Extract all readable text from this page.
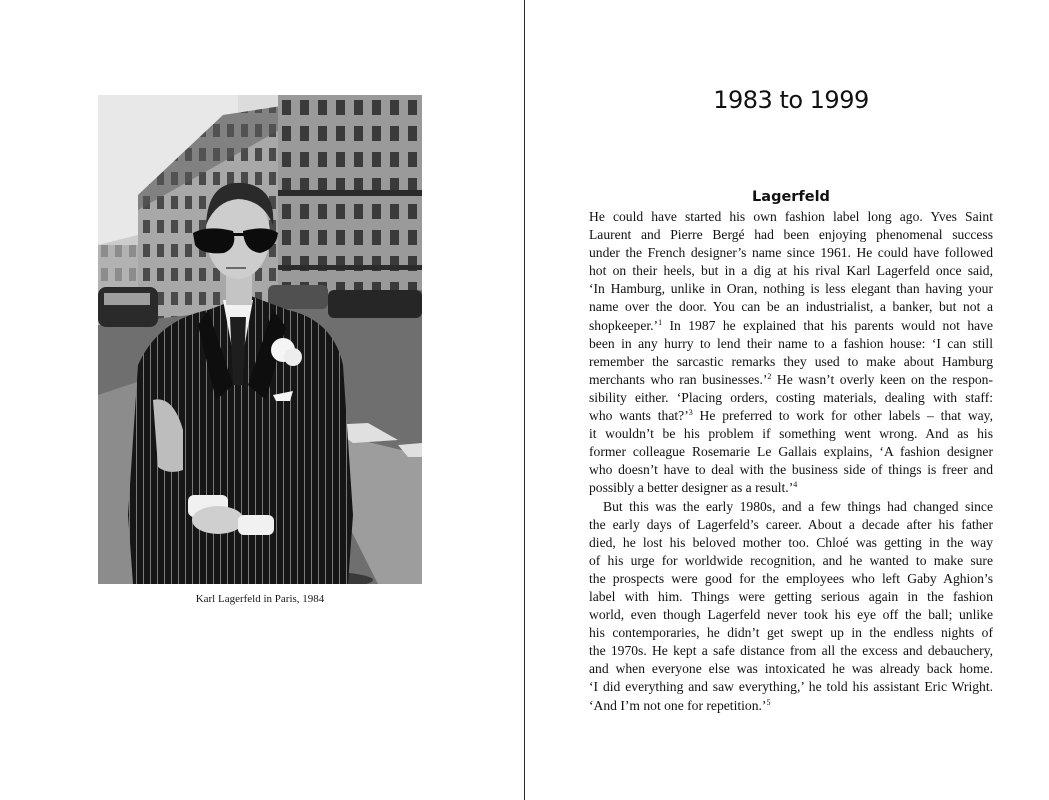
Karl Lagerfeld in Paris, 1984
1983 to 1999
Lagerfeld
He could have started his own fashion label long ago. Yves Saint
Laurent and Pierre Bergé had been enjoying phenomenal success
under the French designer’s name since 1961. He could have followed
hot on their heels, but in a dig at his rival Karl Lagerfeld once said,
‘In Hamburg, unlike in Oran, nothing is less elegant than having your
name over the door. You can be an industrialist, a banker, but not a
shopkeeper.’$^1$ In 1987 he explained that his parents would not have
been in any hurry to lend their name to a fashion house: ‘I can still
remember the sarcastic remarks they used to make about Hamburg
merchants who ran businesses.’$^2$ He wasn’t overly keen on the respon-
sibility either. ‘Placing orders, costing materials, dealing with staff:
who wants that?’$^3$ He preferred to work for other labels – that way,
it wouldn’t be his problem if something went wrong. And as his
former colleague Rosemarie Le Gallais explains, ‘A fashion designer
who doesn’t have to deal with the business side of things is freer and
possibly a better designer as a result.’$^4$
But this was the early 1980s, and a few things had changed since
the early days of Lagerfeld’s career. About a decade after his father
died, he lost his beloved mother too. Chloé was getting in the way
of his urge for worldwide recognition, and he wanted to make sure
the prospects were good for the employees who left Gaby Aghion’s
label with him. Things were getting serious again in the fashion
world, even though Lagerfeld never took his eye off the ball; unlike
his contemporaries, he didn’t get swept up in the endless nights of
the 1970s. He kept a safe distance from all the excess and debauchery,
and when everyone else was intoxicated he was already back home.
‘I did everything and saw everything,’ he told his assistant Eric Wright.
‘And I’m not one for repetition.’$^5$
